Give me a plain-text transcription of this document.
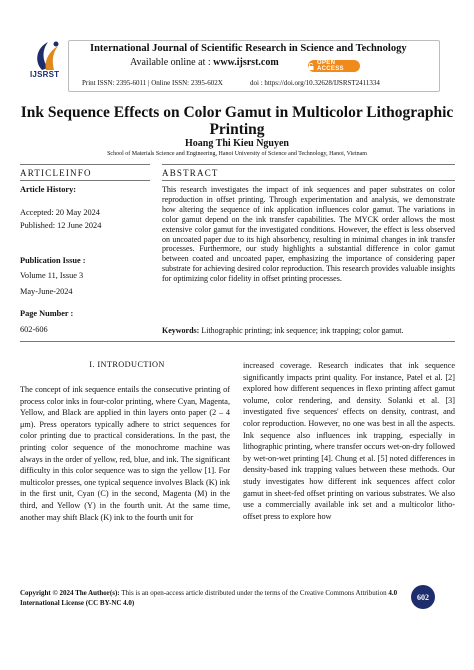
IJSRST
International Journal of Scientific Research in Science and Technology
Available online at : www.ijsrst.com	OPEN ACCESS
Print ISSN: 2395-6011 | Online ISSN: 2395-602X	doi : https://doi.org/10.32628/IJSRST2411334
Ink Sequence Effects on Color Gamut in Multicolor Lithographic Printing
Hoang Thi Kieu Nguyen
School of Materials Science and Engineering, Hanoi University of Science and Technology, Hanoi, Vietnam
ARTICLEINFO
Article History:
Accepted: 20 May 2024
Published: 12 June 2024
Publication Issue :
Volume 11, Issue 3
May-June-2024
Page Number :
602-606
ABSTRACT
This research investigates the impact of ink sequences and paper substrates on color reproduction in offset printing. Through experimentation and analysis, we demonstrate how altering the sequence of ink application influences color gamut. The variations in color gamut depend on the ink transfer capabilities. The MYCK order allows the most extensive color gamut for the investigated conditions. However, the effect is less observed on uncoated paper due to its high absorbency, resulting in minimal changes in ink transfer processes. Furthermore, our study highlights a substantial difference in color gamut between coated and uncoated paper, emphasizing the importance of considering paper substrate for achieving desired color reproduction. This research provides valuable insights for optimizing color fidelity in offset printing processes.
Keywords: Lithographic printing; ink sequence; ink trapping; color gamut.
I. INTRODUCTION
The concept of ink sequence entails the consecutive printing of process color inks in four-color printing, where Cyan, Magenta, Yellow, and Black are applied in thin layers onto paper (2 – 4 μm). Press operators typically adhere to strict sequences for color printing due to practical considerations. In the past, the printing color sequence of the monochrome machine was always in the order of yellow, red, blue, and ink. The significant difficulty in this color sequence was to sign the yellow [1]. For multicolor presses, one typical sequence involves Black (K) ink in the first unit, Cyan (C) in the second, Magenta (M) in the third, and Yellow (Y) in the fourth unit. At the same time, another may shift Black (K) ink to the fourth unit for
increased coverage. Research indicates that ink sequence significantly impacts print quality. For instance, Patel et al. [2] explored how different sequences in flexo printing affect gamut volume, color rendering, and density. Solanki et al. [3] investigated five sequences' effects on density, contrast, and color reproduction. However, no one was best in all the aspects. Ink sequence also influences ink trapping, especially in lithographic printing, where transfer occurs wet-on-dry followed by wet-on-wet printing [4]. Chung et al. [5] noted differences in density-based ink trapping values between these methods. Our study investigates how different ink sequences affect color gamut in sheet-fed offset printing on various substrates. We also use a commercially available ink set and a multicolor litho-offset press to explore how
Copyright © 2024 The Author(s): This is an open-access article distributed under the terms of the Creative Commons Attribution 4.0 International License (CC BY-NC 4.0)
602
